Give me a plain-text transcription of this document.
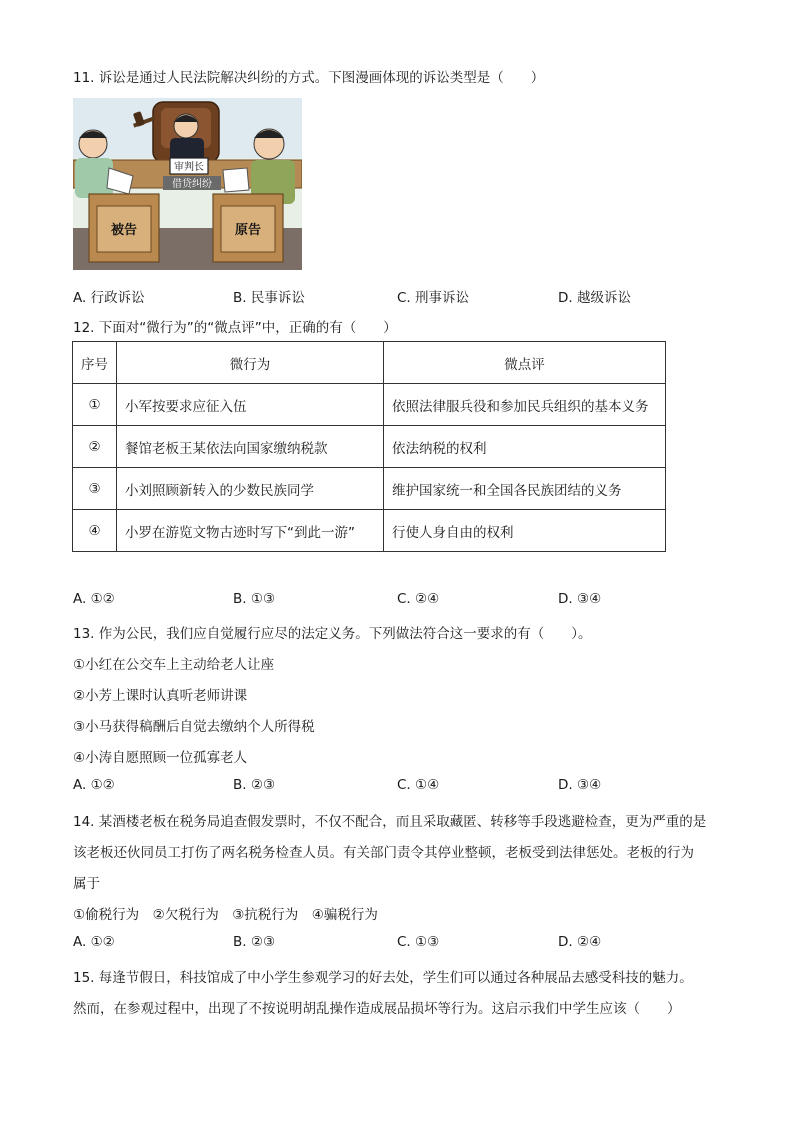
11. 诉讼是通过人民法院解决纠纷的方式。下图漫画体现的诉讼类型是（　　）
审判长
借贷纠纷
被告	原告
A. 行政诉讼	B. 民事诉讼	C. 刑事诉讼	D. 越级诉讼
12. 下面对“微行为”的“微点评”中，正确的有（　　）
序号	微行为	微点评
①	小军按要求应征入伍	依照法律服兵役和参加民兵组织的基本义务
②	餐馆老板王某依法向国家缴纳税款	依法纳税的权利
③	小刘照顾新转入的少数民族同学	维护国家统一和全国各民族团结的义务
④	小罗在游览文物古迹时写下“到此一游”	行使人身自由的权利
A. ①②	B. ①③	C. ②④	D. ③④
13. 作为公民，我们应自觉履行应尽的法定义务。下列做法符合这一要求的有（　　）。
①小红在公交车上主动给老人让座
②小芳上课时认真听老师讲课
③小马获得稿酬后自觉去缴纳个人所得税
④小涛自愿照顾一位孤寡老人
A. ①②	B. ②③	C. ①④	D. ③④
14. 某酒楼老板在税务局追查假发票时，不仅不配合，而且采取藏匿、转移等手段逃避检查，更为严重的是
该老板还伙同员工打伤了两名税务检查人员。有关部门责令其停业整顿，老板受到法律惩处。老板的行为
属于
①偷税行为　②欠税行为　③抗税行为　④骗税行为
A. ①②	B. ②③	C. ①③	D. ②④
15. 每逢节假日，科技馆成了中小学生参观学习的好去处，学生们可以通过各种展品去感受科技的魅力。
然而，在参观过程中，出现了不按说明胡乱操作造成展品损坏等行为。这启示我们中学生应该（　　）
